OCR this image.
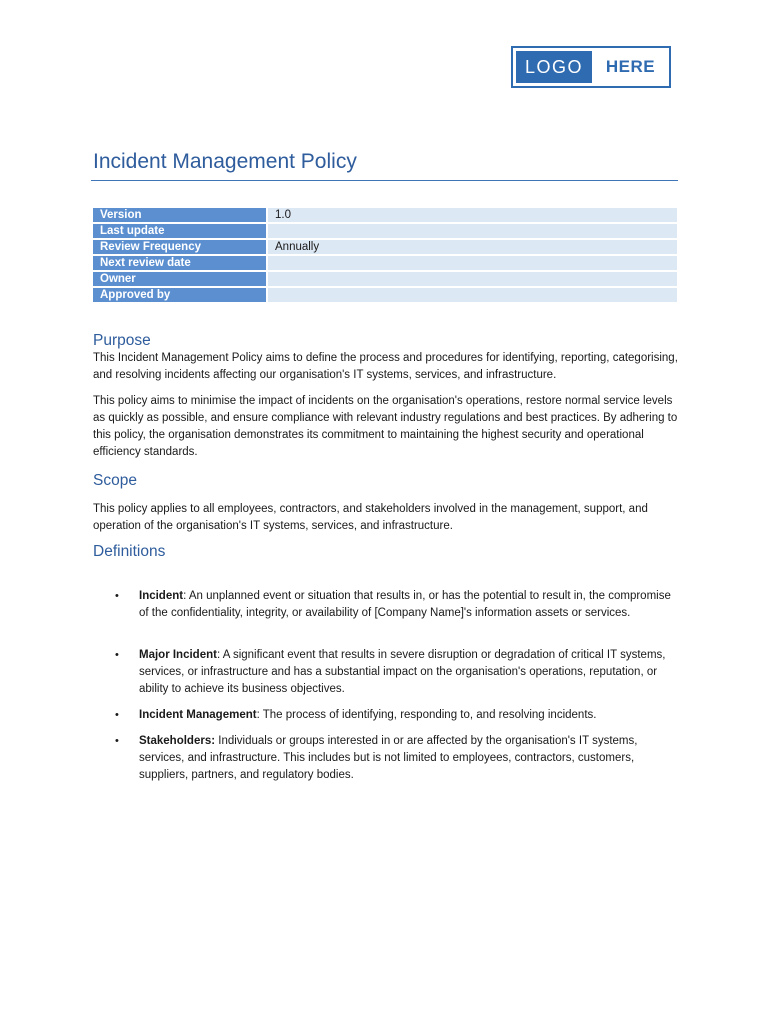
LOGO	HERE
Incident Management Policy
Version	1.0
Last update	
Review Frequency	Annually
Next review date	
Owner	
Approved by	
Purpose

This Incident Management Policy aims to define the process and procedures for identifying, reporting, categorising, and resolving incidents affecting our organisation's IT systems, services, and infrastructure.

This policy aims to minimise the impact of incidents on the organisation's operations, restore normal service levels as quickly as possible, and ensure compliance with relevant industry regulations and best practices. By adhering to this policy, the organisation demonstrates its commitment to maintaining the highest security and operational efficiency standards.

Scope

This policy applies to all employees, contractors, and stakeholders involved in the management, support, and operation of the organisation's IT systems, services, and infrastructure.

Definitions
• Incident: An unplanned event or situation that results in, or has the potential to result in, the compromise of the confidentiality, integrity, or availability of [Company Name]'s information assets or services.
• Major Incident: A significant event that results in severe disruption or degradation of critical IT systems, services, or infrastructure and has a substantial impact on the organisation's operations, reputation, or ability to achieve its business objectives.
• Incident Management: The process of identifying, responding to, and resolving incidents.
• Stakeholders: Individuals or groups interested in or are affected by the organisation's IT systems, services, and infrastructure. This includes but is not limited to employees, contractors, customers, suppliers, partners, and regulatory bodies.
